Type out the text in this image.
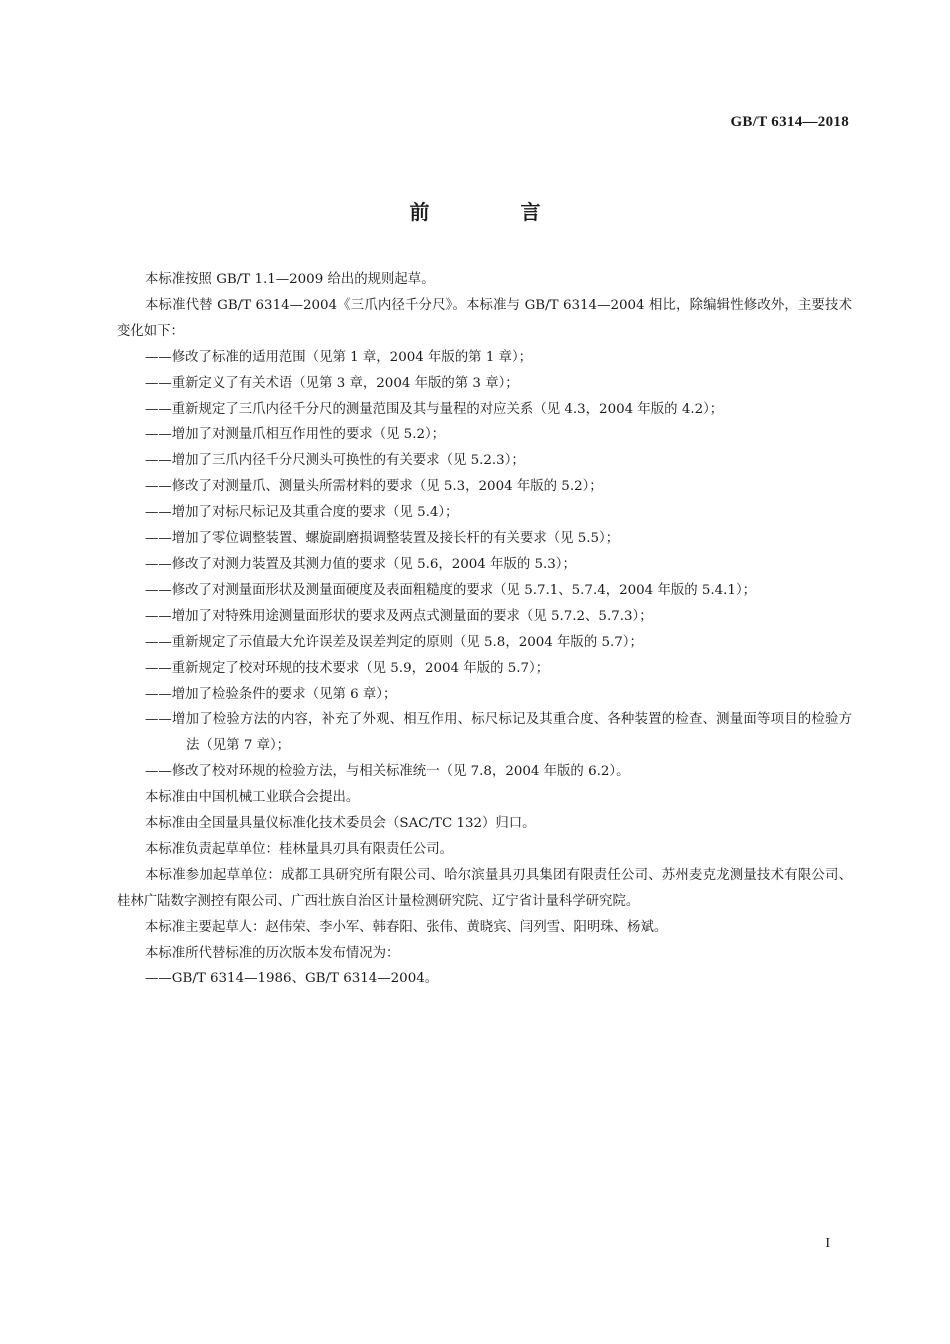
GB/T 6314—2018
前 言

本标准按照 GB/T 1.1—2009 给出的规则起草。

本标准代替 GB/T 6314—2004《三爪内径千分尺》。本标准与 GB/T 6314—2004 相比，除编辑性修改外，主要技术变化如下：

——修改了标准的适用范围（见第 1 章，2004 年版的第 1 章）；

——重新定义了有关术语（见第 3 章，2004 年版的第 3 章）；

——重新规定了三爪内径千分尺的测量范围及其与量程的对应关系（见 4.3，2004 年版的 4.2）；

——增加了对测量爪相互作用性的要求（见 5.2）；

——增加了三爪内径千分尺测头可换性的有关要求（见 5.2.3）；

——修改了对测量爪、测量头所需材料的要求（见 5.3，2004 年版的 5.2）；

——增加了对标尺标记及其重合度的要求（见 5.4）；

——增加了零位调整装置、螺旋副磨损调整装置及接长杆的有关要求（见 5.5）；

——修改了对测力装置及其测力值的要求（见 5.6，2004 年版的 5.3）；

——修改了对测量面形状及测量面硬度及表面粗糙度的要求（见 5.7.1、5.7.4，2004 年版的 5.4.1）；

——增加了对特殊用途测量面形状的要求及两点式测量面的要求（见 5.7.2、5.7.3）；

——重新规定了示值最大允许误差及误差判定的原则（见 5.8，2004 年版的 5.7）；

——重新规定了校对环规的技术要求（见 5.9，2004 年版的 5.7）；

——增加了检验条件的要求（见第 6 章）；

——增加了检验方法的内容，补充了外观、相互作用、标尺标记及其重合度、各种装置的检查、测量面等项目的检验方法（见第 7 章）；

——修改了校对环规的检验方法，与相关标准统一（见 7.8，2004 年版的 6.2）。

本标准由中国机械工业联合会提出。

本标准由全国量具量仪标准化技术委员会（SAC/TC 132）归口。

本标准负责起草单位：桂林量具刃具有限责任公司。

本标准参加起草单位：成都工具研究所有限公司、哈尔滨量具刃具集团有限责任公司、苏州麦克龙测量技术有限公司、桂林广陆数字测控有限公司、广西壮族自治区计量检测研究院、辽宁省计量科学研究院。

本标准主要起草人：赵伟荣、李小军、韩春阳、张伟、黄晓宾、闫列雪、阳明珠、杨斌。

本标准所代替标准的历次版本发布情况为：

——GB/T 6314—1986、GB/T 6314—2004。

I
